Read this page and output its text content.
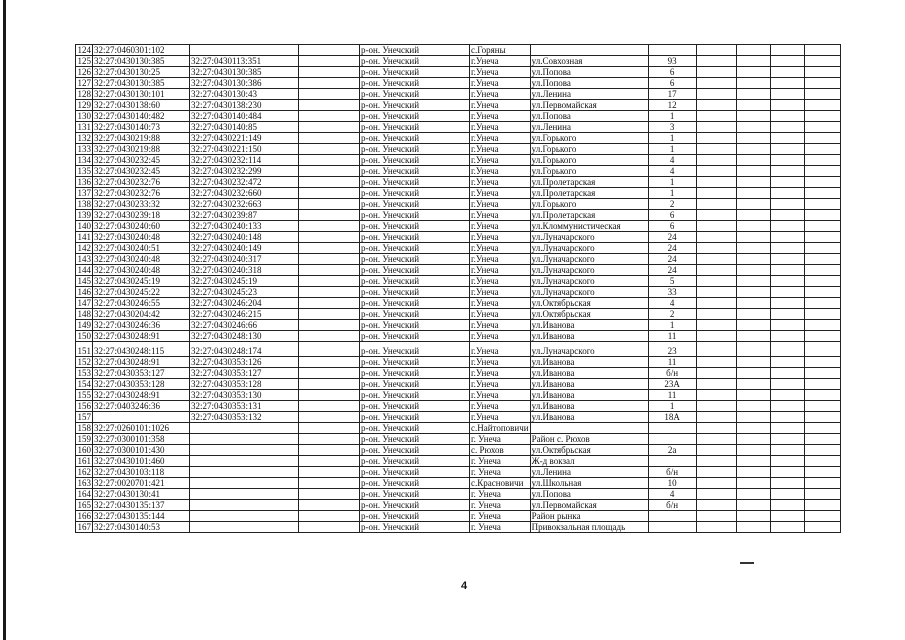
124	32:27:0460301:102			р-он. Унечский	с.Горяны						
125	32:27:0430130:385	32:27:0430113:351		р-он. Унечский	г.Унеча	ул.Совхозная	93				
126	32:27:0430130:25	32:27:0430130:385		р-он. Унечский	г.Унеча	ул.Попова	6				
127	32:27:0430130:385	32:27:0430130:386		р-он. Унечский	г.Унеча	ул.Попова	6				
128	32:27:0430130:101	32:27:0430130:43		р-он. Унечский	г.Унеча	ул.Ленина	17				
129	32:27:0430138:60	32:27:0430138:230		р-он. Унечский	г.Унеча	ул.Первомайская	12				
130	32:27:0430140:482	32:27:0430140:484		р-он. Унечский	г.Унеча	ул.Попова	1				
131	32:27:0430140:73	32:27:0430140:85		р-он. Унечский	г.Унеча	ул.Ленина	3				
132	32:27:0430219:88	32:27:0430221:149		р-он. Унечский	г.Унеча	ул.Горького	1				
133	32:27:0430219:88	32:27:0430221:150		р-он. Унечский	г.Унеча	ул.Горького	1				
134	32:27:0430232:45	32:27:0430232:114		р-он. Унечский	г.Унеча	ул.Горького	4				
135	32:27:0430232:45	32:27:0430232:299		р-он. Унечский	г.Унеча	ул.Горького	4				
136	32:27:0430232:76	32:27:0430232:472		р-он. Унечский	г.Унеча	ул.Пролетарская	1				
137	32:27:0430232:76	32:27:0430232:660		р-он. Унечский	г.Унеча	ул.Пролетарская	1				
138	32:27:0430233:32	32:27:0430232:663		р-он. Унечский	г.Унеча	ул.Горького	2				
139	32:27:0430239:18	32:27:0430239:87		р-он. Унечский	г.Унеча	ул.Пролетарская	6				
140	32:27:0430240:60	32:27:0430240:133		р-он. Унечский	г.Унеча	ул.Кломмунистическая	6				
141	32:27:0430240:48	32:27:0430240:148		р-он. Унечский	г.Унеча	ул.Луначарского	24				
142	32:27:0430240:51	32:27:0430240:149		р-он. Унечский	г.Унеча	ул.Луначарского	24				
143	32:27:0430240:48	32:27:0430240:317		р-он. Унечский	г.Унеча	ул.Луначарского	24				
144	32:27:0430240:48	32:27:0430240:318		р-он. Унечский	г.Унеча	ул.Луначарского	24				
145	32:27:0430245:19	32:27:0430245:19		р-он. Унечский	г.Унеча	ул.Луначарского	5				
146	32:27:0430245:22	32:27:0430245:23		р-он. Унечский	г.Унеча	ул.Луначарского	33				
147	32:27:0430246:55	32:27:0430246:204		р-он. Унечский	г.Унеча	ул.Октябрьская	4				
148	32:27:0430204:42	32:27:0430246:215		р-он. Унечский	г.Унеча	ул.Октябрьская	2				
149	32:27:0430246:36	32:27:0430246:66		р-он. Унечский	г.Унеча	ул.Иванова	1				
150	32:27:0430248:91	32:27:0430248:130		р-он. Унечский	г.Унеча	ул.Иванова	11				
151	32:27:0430248:115	32:27:0430248:174		р-он. Унечский	г.Унеча	ул.Луначарского	23				
152	32:27:0430248:91	32:27:0430353:126		р-он. Унечский	г.Унеча	ул.Иванова	11				
153	32:27:0430353:127	32:27:0430353:127		р-он. Унечский	г.Унеча	ул.Иванова	б/н				
154	32:27:0430353:128	32:27:0430353:128		р-он. Унечский	г.Унеча	ул.Иванова	23А				
155	32:27:0430248:91	32:27:0430353:130		р-он. Унечский	г.Унеча	ул.Иванова	11				
156	32:27:0403246:36	32:27:0430353:131		р-он. Унечский	г.Унеча	ул.Иванова	1				
157		32:27:0430353:132		р-он. Унечский	г.Унеча	ул.Иванова	18А				
158	32:27:0260101:1026			р-он. Унечский	с.Найтоповичи						
159	32:27:0300101:358			р-он. Унечский	г. Унеча	Район с. Рюхов					
160	32:27:0300101:430			р-он. Унечский	с. Рюхов	ул.Октябрьская	2а				
161	32:27:0430101:460			р-он. Унечский	г. Унеча	Ж-д вокзал					
162	32:27:0430103:118			р-он. Унечский	г. Унеча	ул.Ленина	б/н				
163	32:27:0020701:421			р-он. Унечский	с.Красновичи	ул.Школьная	10				
164	32:27:0430130:41			р-он. Унечский	г. Унеча	ул.Попова	4				
165	32:27:0430135:137			р-он. Унечский	г. Унеча	ул.Первомайская	б/н				
166	32:27:0430135:144			р-он. Унечский	г. Унеча	Район рынка					
167	32:27:0430140:53			р-он. Унечский	г. Унеча	Привокзальная площадь					
4
